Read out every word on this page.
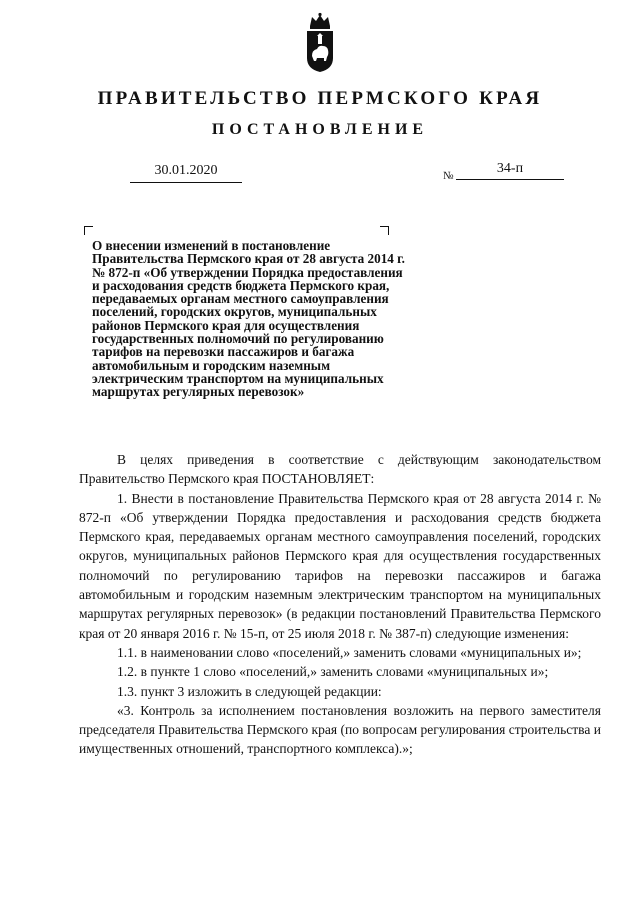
ПРАВИТЕЛЬСТВО ПЕРМСКОГО КРАЯ
ПОСТАНОВЛЕНИЕ
30.01.2020	№	34-п
О внесении изменений в постановление
Правительства Пермского края от 28 августа 2014 г.
№ 872-п «Об утверждении Порядка предоставления
и расходования средств бюджета Пермского края,
передаваемых органам местного самоуправления
поселений, городских округов, муниципальных
районов Пермского края для осуществления
государственных полномочий по регулированию
тарифов на перевозки пассажиров и багажа
автомобильным и городским наземным
электрическим транспортом на муниципальных
маршрутах регулярных перевозок»

В целях приведения в соответствие с действующим законодательством Правительство Пермского края ПОСТАНОВЛЯЕТ:

1. Внести в постановление Правительства Пермского края от 28 августа 2014 г. № 872-п «Об утверждении Порядка предоставления и расходования средств бюджета Пермского края, передаваемых органам местного самоуправления поселений, городских округов, муниципальных районов Пермского края для осуществления государственных полномочий по регулированию тарифов на перевозки пассажиров и багажа автомобильным и городским наземным электрическим транспортом на муниципальных маршрутах регулярных перевозок» (в редакции постановлений Правительства Пермского края от 20 января 2016 г. № 15-п, от 25 июля 2018 г. № 387-п) следующие изменения:

1.1. в наименовании слово «поселений,» заменить словами «муниципальных и»;

1.2. в пункте 1 слово «поселений,» заменить словами «муниципальных и»;

1.3. пункт 3 изложить в следующей редакции:

«3. Контроль за исполнением постановления возложить на первого заместителя председателя Правительства Пермского края (по вопросам регулирования строительства и имущественных отношений, транспортного комплекса).»;
